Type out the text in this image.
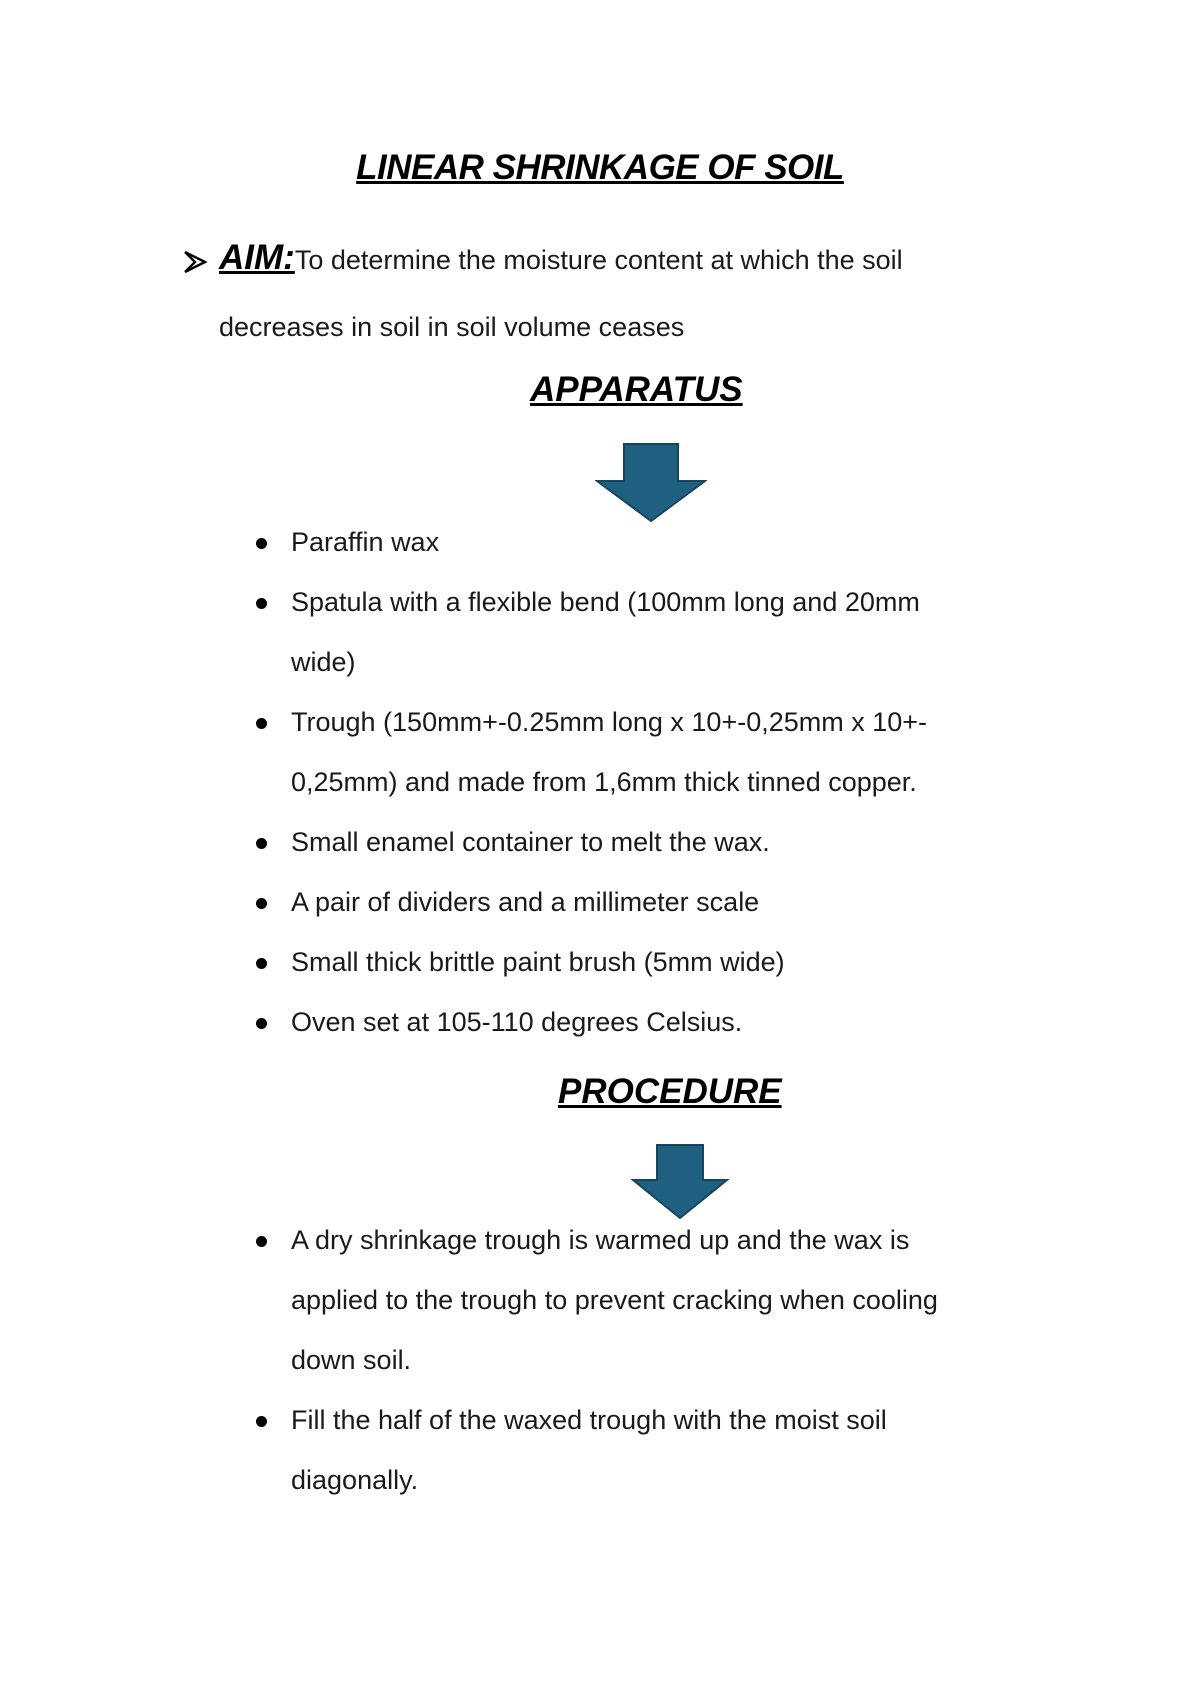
LINEAR SHRINKAGE OF SOIL
AIM:To determine the moisture content at which the soil
decreases in soil in soil volume ceases
APPARATUS
Paraffin wax
Spatula with a flexible bend (100mm long and 20mm
wide)
Trough (150mm+-0.25mm long x 10+-0,25mm x 10+-
0,25mm) and made from 1,6mm thick tinned copper.
Small enamel container to melt the wax.
A pair of dividers and a millimeter scale
Small thick brittle paint brush (5mm wide)
Oven set at 105-110 degrees Celsius.
PROCEDURE
A dry shrinkage trough is warmed up and the wax is
applied to the trough to prevent cracking when cooling
down soil.
Fill the half of the waxed trough with the moist soil
diagonally.
